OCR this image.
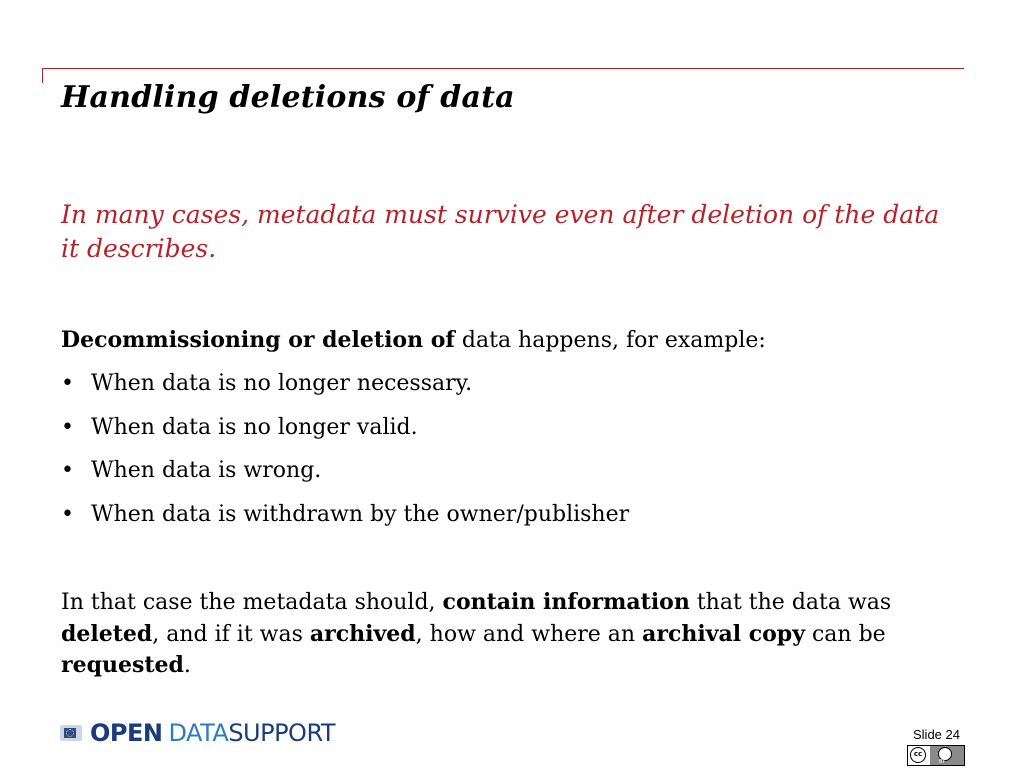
Handling deletions of data
In many cases, metadata must survive even after deletion of the data it describes.
Decommissioning or deletion of data happens, for example:
• When data is no longer necessary.
• When data is no longer valid.
• When data is wrong.
• When data is withdrawn by the owner/publisher
In that case the metadata should, contain information that the data was deleted, and if it was archived, how and where an archival copy can be requested.
OPEN DATASUPPORT	Slide 24
cc
BY
